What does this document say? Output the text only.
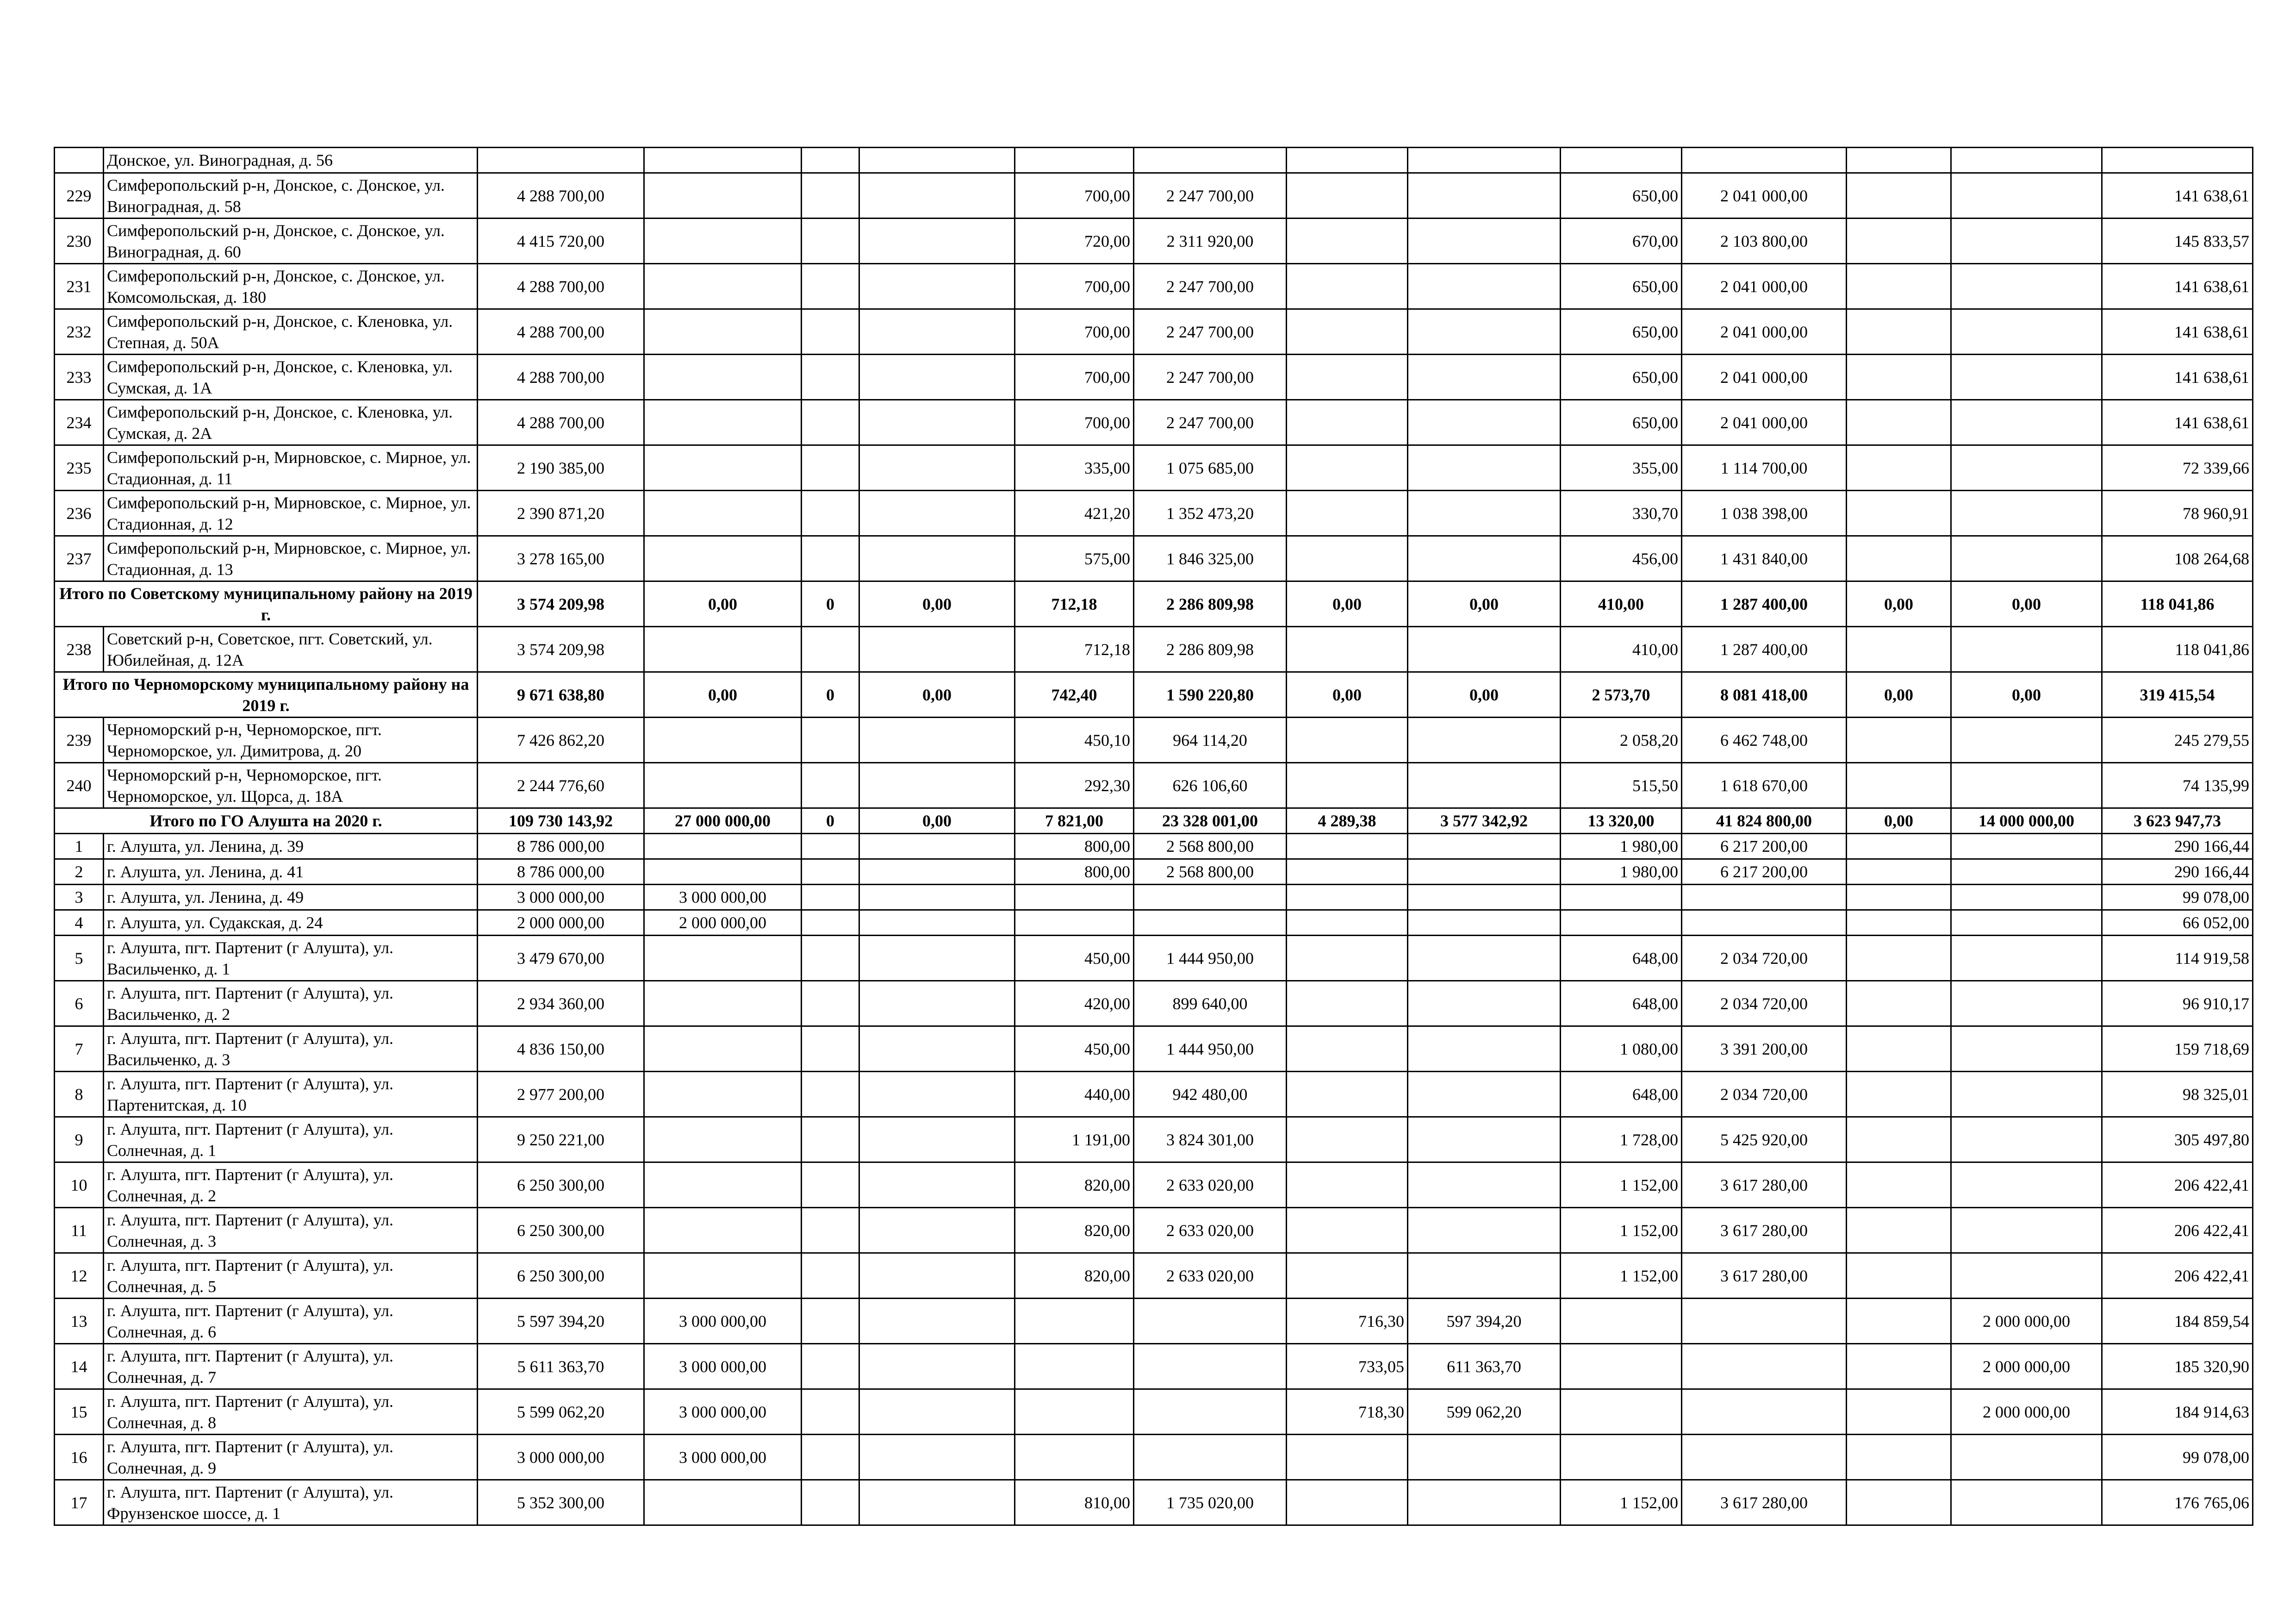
	Донское, ул. Виноградная, д. 56													
229	Симферопольский р-н, Донское, с. Донское, ул. Виноградная, д. 58	4 288 700,00				700,00	2 247 700,00			650,00	2 041 000,00			141 638,61
230	Симферопольский р-н, Донское, с. Донское, ул. Виноградная, д. 60	4 415 720,00				720,00	2 311 920,00			670,00	2 103 800,00			145 833,57
231	Симферопольский р-н, Донское, с. Донское, ул. Комсомольская, д. 180	4 288 700,00				700,00	2 247 700,00			650,00	2 041 000,00			141 638,61
232	Симферопольский р-н, Донское, с. Кленовка, ул. Степная, д. 50А	4 288 700,00				700,00	2 247 700,00			650,00	2 041 000,00			141 638,61
233	Симферопольский р-н, Донское, с. Кленовка, ул. Сумская, д. 1А	4 288 700,00				700,00	2 247 700,00			650,00	2 041 000,00			141 638,61
234	Симферопольский р-н, Донское, с. Кленовка, ул. Сумская, д. 2А	4 288 700,00				700,00	2 247 700,00			650,00	2 041 000,00			141 638,61
235	Симферопольский р-н, Мирновское, с. Мирное, ул. Стадионная, д. 11	2 190 385,00				335,00	1 075 685,00			355,00	1 114 700,00			72 339,66
236	Симферопольский р-н, Мирновское, с. Мирное, ул. Стадионная, д. 12	2 390 871,20				421,20	1 352 473,20			330,70	1 038 398,00			78 960,91
237	Симферопольский р-н, Мирновское, с. Мирное, ул. Стадионная, д. 13	3 278 165,00				575,00	1 846 325,00			456,00	1 431 840,00			108 264,68
Итого по Советскому муниципальному району на 2019 г.		3 574 209,98	0,00	0	0,00	712,18	2 286 809,98	0,00	0,00	410,00	1 287 400,00	0,00	0,00	118 041,86
238	Советский р-н, Советское, пгт. Советский, ул. Юбилейная, д. 12А	3 574 209,98				712,18	2 286 809,98			410,00	1 287 400,00			118 041,86
Итого по Черноморскому муниципальному району на 2019 г.		9 671 638,80	0,00	0	0,00	742,40	1 590 220,80	0,00	0,00	2 573,70	8 081 418,00	0,00	0,00	319 415,54
239	Черноморский р-н, Черноморское, пгт. Черноморское, ул. Димитрова, д. 20	7 426 862,20				450,10	964 114,20			2 058,20	6 462 748,00			245 279,55
240	Черноморский р-н, Черноморское, пгт. Черноморское, ул. Щорса, д. 18А	2 244 776,60				292,30	626 106,60			515,50	1 618 670,00			74 135,99
Итого по ГО Алушта на 2020 г.		109 730 143,92	27 000 000,00	0	0,00	7 821,00	23 328 001,00	4 289,38	3 577 342,92	13 320,00	41 824 800,00	0,00	14 000 000,00	3 623 947,73
1	г. Алушта, ул. Ленина, д. 39	8 786 000,00				800,00	2 568 800,00			1 980,00	6 217 200,00			290 166,44
2	г. Алушта, ул. Ленина, д. 41	8 786 000,00				800,00	2 568 800,00			1 980,00	6 217 200,00			290 166,44
3	г. Алушта, ул. Ленина, д. 49	3 000 000,00	3 000 000,00											99 078,00
4	г. Алушта, ул. Судакская, д. 24	2 000 000,00	2 000 000,00											66 052,00
5	г. Алушта, пгт. Партенит (г Алушта), ул. Васильченко, д. 1	3 479 670,00				450,00	1 444 950,00			648,00	2 034 720,00			114 919,58
6	г. Алушта, пгт. Партенит (г Алушта), ул. Васильченко, д. 2	2 934 360,00				420,00	899 640,00			648,00	2 034 720,00			96 910,17
7	г. Алушта, пгт. Партенит (г Алушта), ул. Васильченко, д. 3	4 836 150,00				450,00	1 444 950,00			1 080,00	3 391 200,00			159 718,69
8	г. Алушта, пгт. Партенит (г Алушта), ул. Партенитская, д. 10	2 977 200,00				440,00	942 480,00			648,00	2 034 720,00			98 325,01
9	г. Алушта, пгт. Партенит (г Алушта), ул. Солнечная, д. 1	9 250 221,00				1 191,00	3 824 301,00			1 728,00	5 425 920,00			305 497,80
10	г. Алушта, пгт. Партенит (г Алушта), ул. Солнечная, д. 2	6 250 300,00				820,00	2 633 020,00			1 152,00	3 617 280,00			206 422,41
11	г. Алушта, пгт. Партенит (г Алушта), ул. Солнечная, д. 3	6 250 300,00				820,00	2 633 020,00			1 152,00	3 617 280,00			206 422,41
12	г. Алушта, пгт. Партенит (г Алушта), ул. Солнечная, д. 5	6 250 300,00				820,00	2 633 020,00			1 152,00	3 617 280,00			206 422,41
13	г. Алушта, пгт. Партенит (г Алушта), ул. Солнечная, д. 6	5 597 394,20	3 000 000,00					716,30	597 394,20				2 000 000,00	184 859,54
14	г. Алушта, пгт. Партенит (г Алушта), ул. Солнечная, д. 7	5 611 363,70	3 000 000,00					733,05	611 363,70				2 000 000,00	185 320,90
15	г. Алушта, пгт. Партенит (г Алушта), ул. Солнечная, д. 8	5 599 062,20	3 000 000,00					718,30	599 062,20				2 000 000,00	184 914,63
16	г. Алушта, пгт. Партенит (г Алушта), ул. Солнечная, д. 9	3 000 000,00	3 000 000,00											99 078,00
17	г. Алушта, пгт. Партенит (г Алушта), ул. Фрунзенское шоссе, д. 1	5 352 300,00				810,00	1 735 020,00			1 152,00	3 617 280,00			176 765,06
